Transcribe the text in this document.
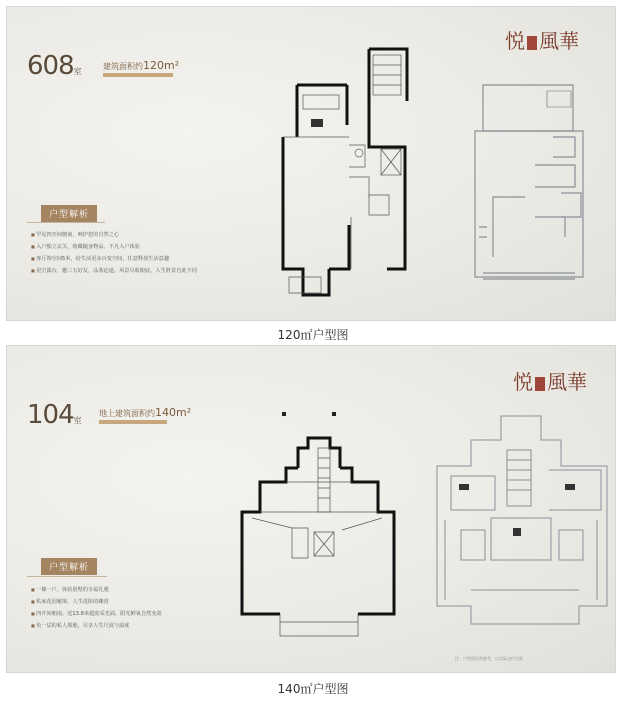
608室
建筑面积约120m²
悦 風華
户型解析
■ 罕见四开间朝南，呵护您的自然之心
■ 入户独立玄关，收藏随身物品，不凡入户体验
■ 客厅饰空间5米，给生活更多百变空间，任意释放生活意趣
■ 星空露台，邀三五好友，品茶论道，风景尽收眼底，人生胜景自此不同
120㎡户型图
104室
地上建筑面积约140m²
悦 風華
户型解析
■ 一梯一户，体验别墅的专属礼遇
■ 私家花园秘境，人生进阶的臻赏
■ 四开间朝南，近13.8米超宽采光面，阳光鲜氧自然充盈
■ 负一层的私人领地，尽享人生尺度与温度
注：户型图仅供参考，以实际交付为准
140㎡户型图
